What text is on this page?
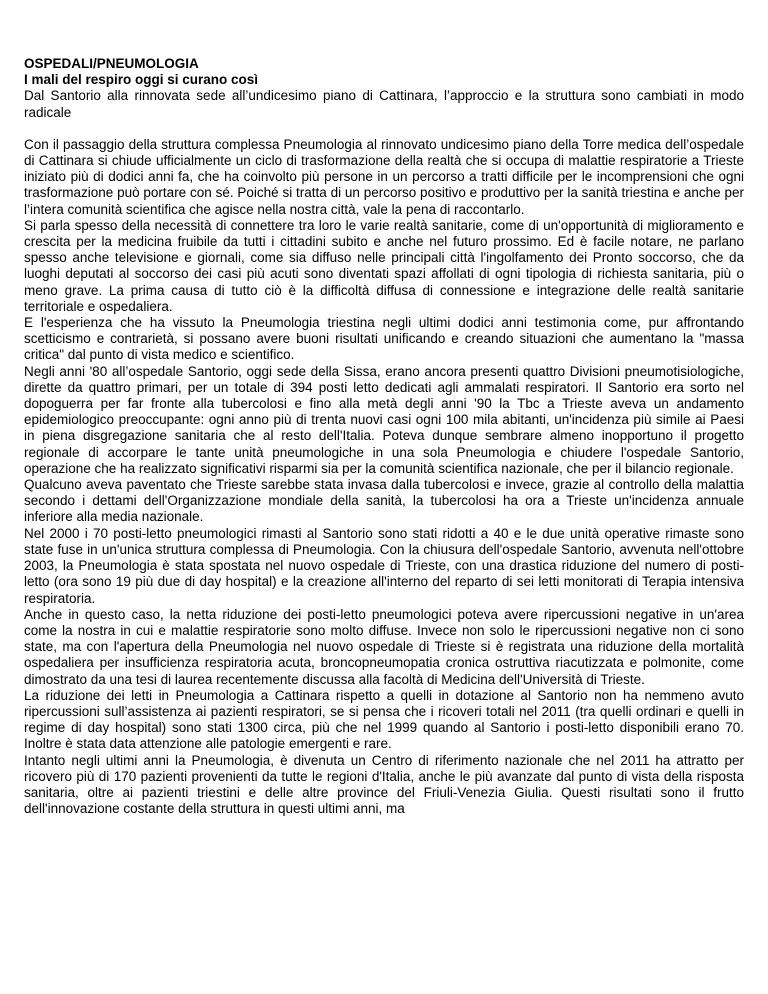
OSPEDALI/PNEUMOLOGIA

I mali del respiro oggi si curano così

Dal Santorio alla rinnovata sede all’undicesimo piano di Cattinara, l’approccio e la struttura sono cambiati in modo radicale

Con il passaggio della struttura complessa Pneumologia al rinnovato undicesimo piano della Torre medica dell’ospedale di Cattinara si chiude ufficialmente un ciclo di trasformazione della realtà che si occupa di malattie respiratorie a Trieste iniziato più di dodici anni fa, che ha coinvolto più persone in un percorso a tratti difficile per le incomprensioni che ogni trasformazione può portare con sé. Poiché si tratta di un percorso positivo e produttivo per la sanità triestina e anche per l’intera comunità scientifica che agisce nella nostra città, vale la pena di raccontarlo.

Si parla spesso della necessità di connettere tra loro le varie realtà sanitarie, come di un'opportunità di miglioramento e crescita per la medicina fruibile da tutti i cittadini subito e anche nel futuro prossimo. Ed è facile notare, ne parlano spesso anche televisione e giornali, come sia diffuso nelle principali città l'ingolfamento dei Pronto soccorso, che da luoghi deputati al soccorso dei casi più acuti sono diventati spazi affollati di ogni tipologia di richiesta sanitaria, più o meno grave. La prima causa di tutto ciò è la difficoltà diffusa di connessione e integrazione delle realtà sanitarie territoriale e ospedaliera.

E l'esperienza che ha vissuto la Pneumologia triestina negli ultimi dodici anni testimonia come, pur affrontando scetticismo e contrarietà, si possano avere buoni risultati unificando e creando situazioni che aumentano la "massa critica" dal punto di vista medico e scientifico.

Negli anni '80 all’ospedale Santorio, oggi sede della Sissa, erano ancora presenti quattro Divisioni pneumotisiologiche, dirette da quattro primari, per un totale di 394 posti letto dedicati agli ammalati respiratori. Il Santorio era sorto nel dopoguerra per far fronte alla tubercolosi e fino alla metà degli anni '90 la Tbc a Trieste aveva un andamento epidemiologico preoccupante: ogni anno più di trenta nuovi casi ogni 100 mila abitanti, un'incidenza più simile ai Paesi in piena disgregazione sanitaria che al resto dell'Italia. Poteva dunque sembrare almeno inopportuno il progetto regionale di accorpare le tante unità pneumologiche in una sola Pneumologia e chiudere l'ospedale Santorio, operazione che ha realizzato significativi risparmi sia per la comunità scientifica nazionale, che per il bilancio regionale.

Qualcuno aveva paventato che Trieste sarebbe stata invasa dalla tubercolosi e invece, grazie al controllo della malattia secondo i dettami dell'Organizzazione mondiale della sanità, la tubercolosi ha ora a Trieste un'incidenza annuale inferiore alla media nazionale.

Nel 2000 i 70 posti-letto pneumologici rimasti al Santorio sono stati ridotti a 40 e le due unità operative rimaste sono state fuse in un'unica struttura complessa di Pneumologia. Con la chiusura dell'ospedale Santorio, avvenuta nell'ottobre 2003, la Pneumologia è stata spostata nel nuovo ospedale di Trieste, con una drastica riduzione del numero di posti-letto (ora sono 19 più due di day hospital) e la creazione all'interno del reparto di sei letti monitorati di Terapia intensiva respiratoria.

Anche in questo caso, la netta riduzione dei posti-letto pneumologici poteva avere ripercussioni negative in un'area come la nostra in cui e malattie respiratorie sono molto diffuse. Invece non solo le ripercussioni negative non ci sono state, ma con l'apertura della Pneumologia nel nuovo ospedale di Trieste si è registrata una riduzione della mortalità ospedaliera per insufficienza respiratoria acuta, broncopneumopatia cronica ostruttiva riacutizzata e polmonite, come dimostrato da una tesi di laurea recentemente discussa alla facoltà di Medicina dell'Università di Trieste.

La riduzione dei letti in Pneumologia a Cattinara rispetto a quelli in dotazione al Santorio non ha nemmeno avuto ripercussioni sull’assistenza ai pazienti respiratori, se si pensa che i ricoveri totali nel 2011 (tra quelli ordinari e quelli in regime di day hospital) sono stati 1300 circa, più che nel 1999 quando al Santorio i posti-letto disponibili erano 70. Inoltre è stata data attenzione alle patologie emergenti e rare.

Intanto negli ultimi anni la Pneumologia, è divenuta un Centro di riferimento nazionale che nel 2011 ha attratto per ricovero più di 170 pazienti provenienti da tutte le regioni d'Italia, anche le più avanzate dal punto di vista della risposta sanitaria, oltre ai pazienti triestini e delle altre province del Friuli-Venezia Giulia. Questi risultati sono il frutto dell'innovazione costante della struttura in questi ultimi anni, ma
